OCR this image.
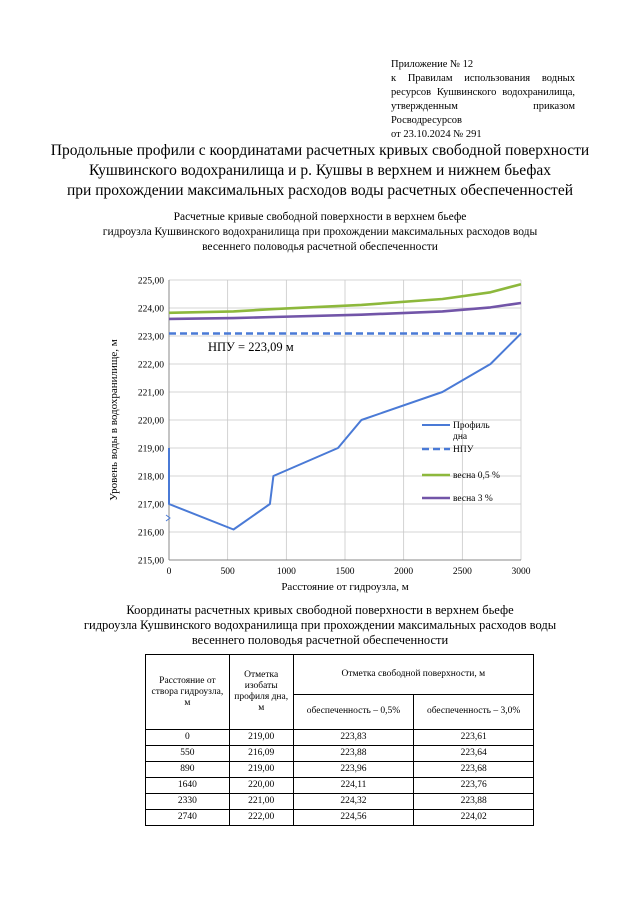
Приложение № 12
к Правилам использования водных ресурсов Кушвинского водохранилища, утвержденным приказом Росводресурсов
от 23.10.2024 № 291
Продольные профили с координатами расчетных кривых свободной поверхности
Кушвинского водохранилища и р. Кушвы в верхнем и нижнем бьефах
при прохождении максимальных расходов воды расчетных обеспеченностей
Расчетные кривые свободной поверхности в верхнем бьефе
гидроузла Кушвинского водохранилища при прохождении максимальных расходов воды
весеннего половодья расчетной обеспеченности
215,00
216,00
217,00
218,00
219,00
220,00
221,00
222,00
223,00
224,00
225,00
0	500	1000	1500	2000	2500	3000
НПУ = 223,09 м
Расстояние от гидроузла, м
Уровень воды в водохранилище, м	Профиль дна
НПУ
весна 0,5 %
весна 3 %
Координаты расчетных кривых свободной поверхности в верхнем бьефе
гидроузла Кушвинского водохранилища при прохождении максимальных расходов воды
весеннего половодья расчетной обеспеченности
Расстояние от створа гидроузла, м	Отметка изобаты профиля дна, м	Отметка свободной поверхности, м	
		обеспеченность – 0,5%	обеспеченность – 3,0%
0	219,00	223,83	223,61
550	216,09	223,88	223,64
890	219,00	223,96	223,68
1640	220,00	224,11	223,76
2330	221,00	224,32	223,88
2740	222,00	224,56	224,02
